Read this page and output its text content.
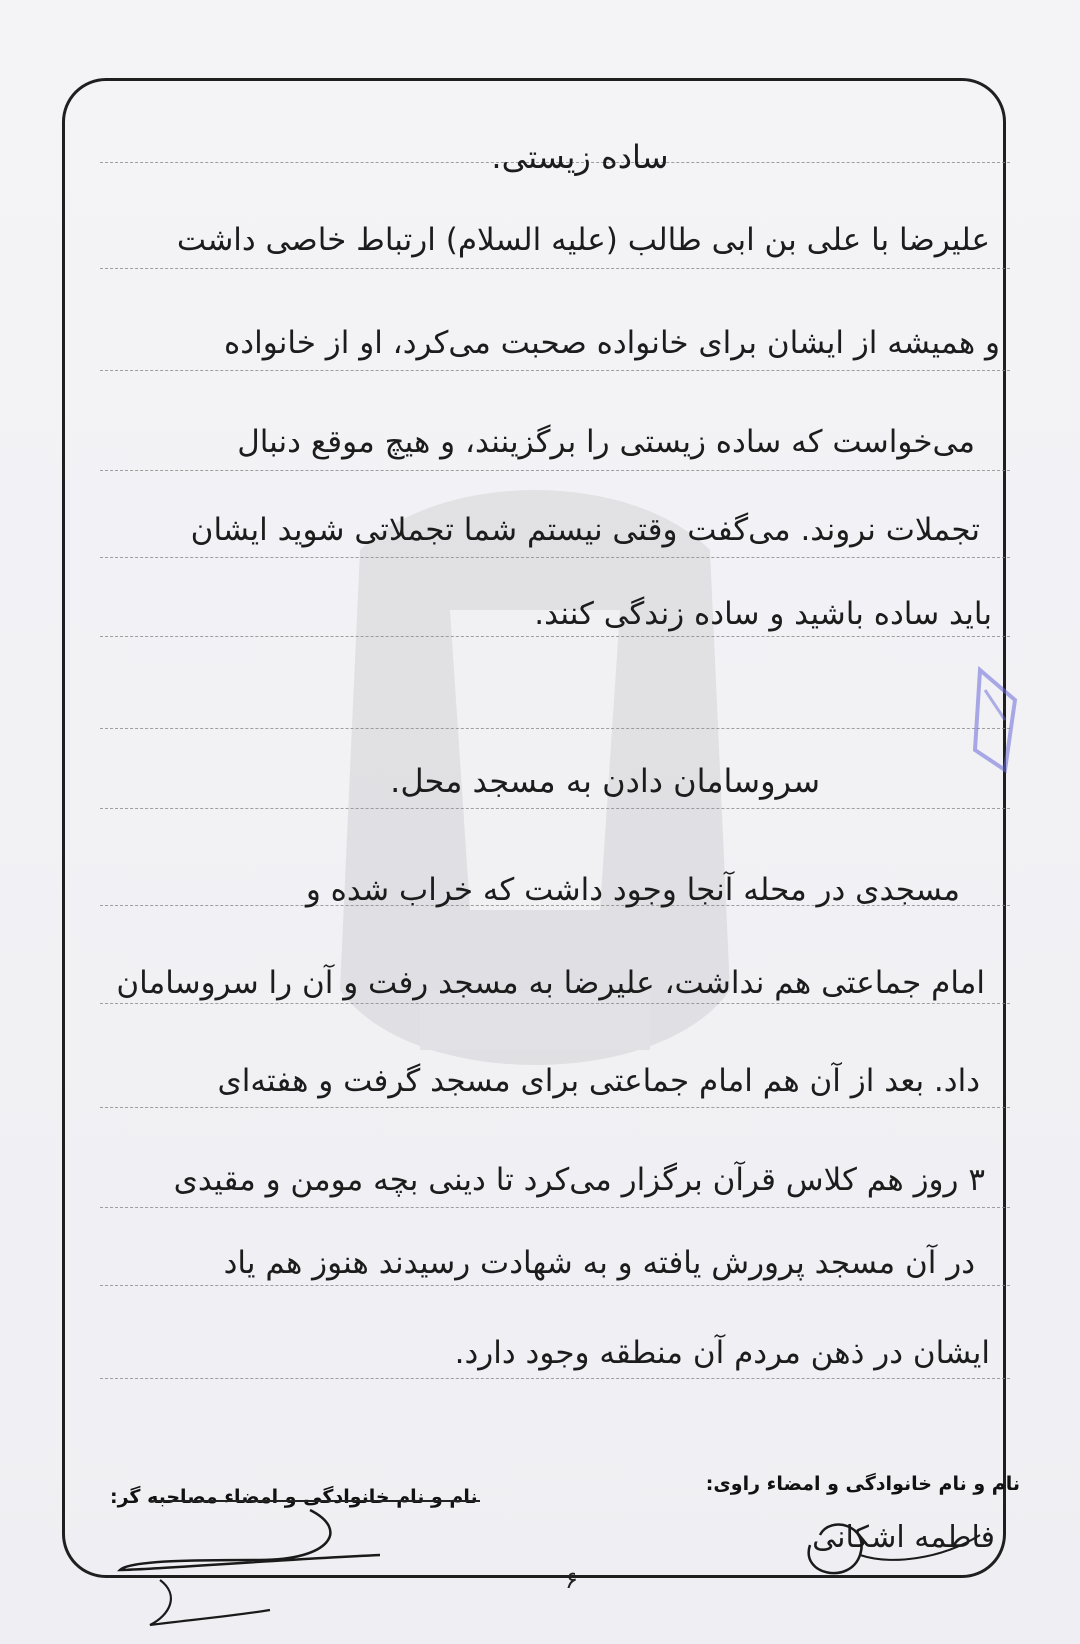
ساده زیستی.
علیرضا با علی بن ابی طالب (علیه السلام) ارتباط خاصی داشت
و همیشه از ایشان برای خانواده صحبت می‌کرد، او از خانواده
می‌خواست که ساده زیستی را برگزینند، و هیچ موقع دنبال
تجملات نروند. می‌گفت وقتی نیستم شما تجملاتی شوید ایشان
باید ساده باشید و ساده زندگی کنند.
سروسامان دادن به مسجد محل.
مسجدی در محله آنجا وجود داشت که خراب شده و
امام جماعتی هم نداشت، علیرضا به مسجد رفت و آن را سروسامان
داد. بعد از آن هم امام جماعتی برای مسجد گرفت و هفته‌ای
۳ روز هم کلاس قرآن برگزار می‌کرد تا دینی بچه مومن و مقیدی
در آن مسجد پرورش یافته و به شهادت رسیدند هنوز هم یاد
ایشان در ذهن مردم آن منطقه وجود دارد.
نام و نام خانوادگی و امضاء راوی:
نام و نام خانوادگی و امضاء مصاحبه گر:
فاطمه اشکانی
۶
